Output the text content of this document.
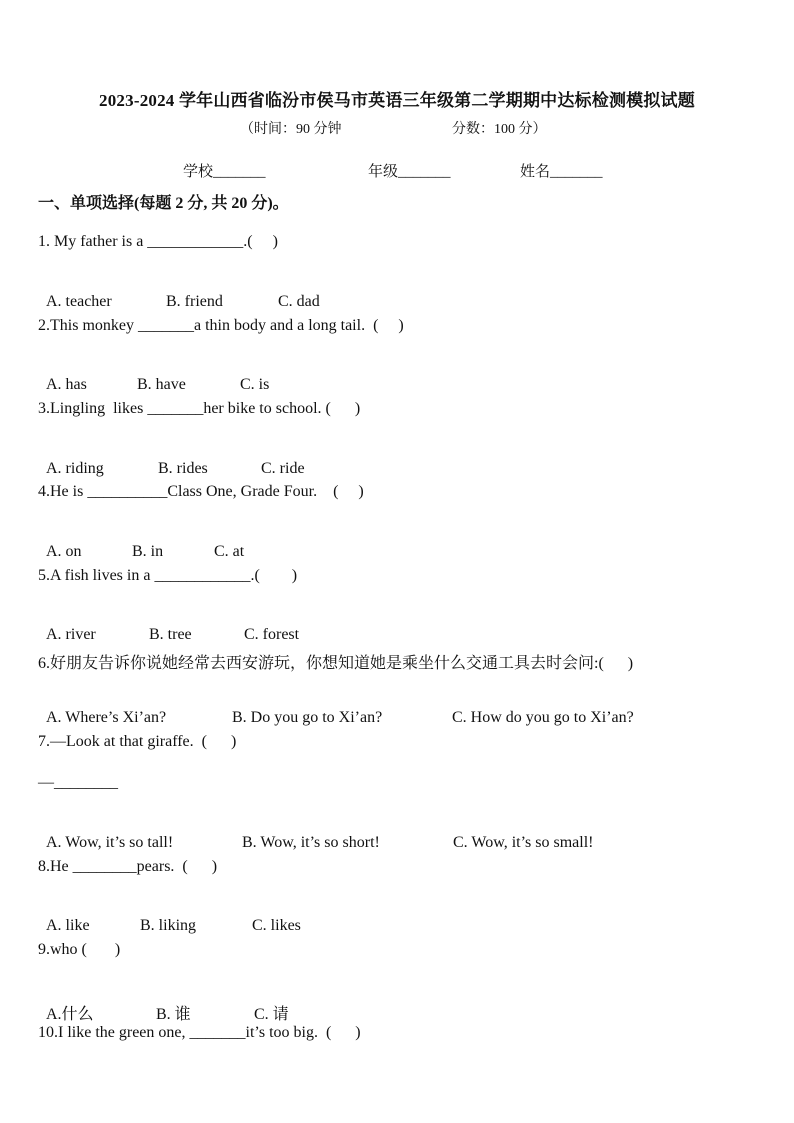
2023-2024 学年山西省临汾市侯马市英语三年级第二学期期中达标检测模拟试题
（时间：90 分钟	分数：100 分）
学校_______	年级_______	姓名_______
一、单项选择(每题 2 分, 共 20 分)。
1. My father is a ____________.(     )

A. teacher	B. friend	C. dad

2.This monkey _______a thin body and a long tail.  (     )

A. has	B. have	C. is

3.Lingling  likes _______her bike to school. (      )

A. riding	B. rides	C. ride

4.He is __________Class One, Grade Four.    (     )

A. on	B. in	C. at

5.A fish lives in a ____________.(        )

A. river	B. tree	C. forest

6.好朋友告诉你说她经常去西安游玩，你想知道她是乘坐什么交通工具去时会问:(      )

A. Where’s Xi’an?	B. Do you go to Xi’an?	C. How do you go to Xi’an?

7.—Look at that giraffe.  (      )
—________

A. Wow, it’s so tall!	B. Wow, it’s so short!	C. Wow, it’s so small!

8.He ________pears.  (      )

A. like	B. liking	C. likes

9.who (       )

A.什么	B. 谁	C. 请

10.I like the green one, _______it’s too big.  (      )
